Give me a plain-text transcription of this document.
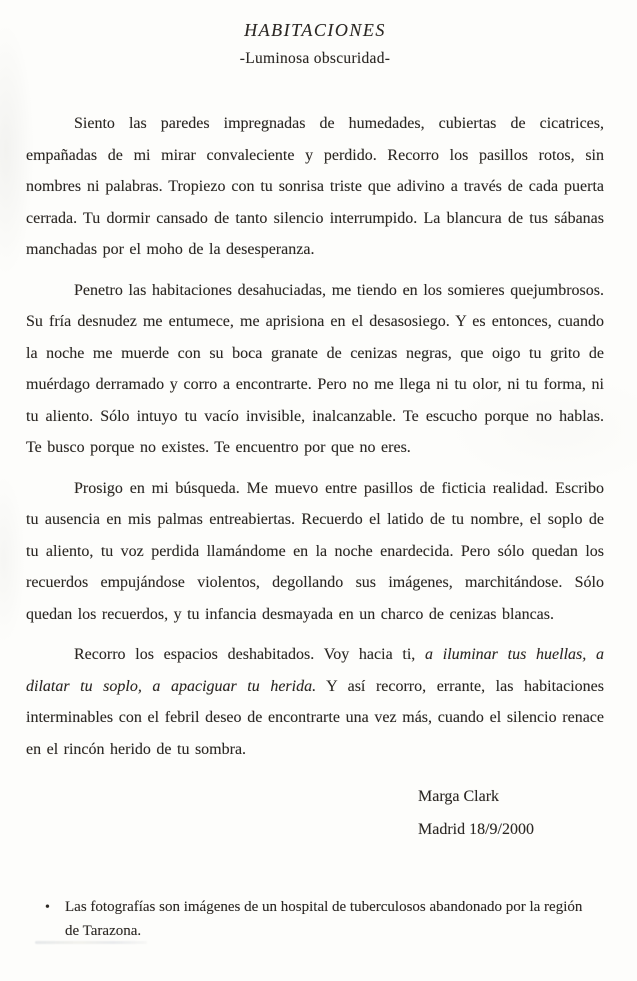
HABITACIONES
-Luminosa obscuridad-

Siento las paredes impregnadas de humedades, cubiertas de cicatrices, empañadas de mi mirar convaleciente y perdido. Recorro los pasillos rotos, sin nombres ni palabras. Tropiezo con tu sonrisa triste que adivino a través de cada puerta cerrada. Tu dormir cansado de tanto silencio interrumpido. La blancura de tus sábanas manchadas por el moho de la desesperanza.

Penetro las habitaciones desahuciadas, me tiendo en los somieres quejumbrosos. Su fría desnudez me entumece, me aprisiona en el desasosiego. Y es entonces, cuando la noche me muerde con su boca granate de cenizas negras, que oigo tu grito de muérdago derramado y corro a encontrarte. Pero no me llega ni tu olor, ni tu forma, ni tu aliento. Sólo intuyo tu vacío invisible, inalcanzable. Te escucho porque no hablas. Te busco porque no existes. Te encuentro por que no eres.

Prosigo en mi búsqueda. Me muevo entre pasillos de ficticia realidad. Escribo tu ausencia en mis palmas entreabiertas. Recuerdo el latido de tu nombre, el soplo de tu aliento, tu voz perdida llamándome en la noche enardecida. Pero sólo quedan los recuerdos empujándose violentos, degollando sus imágenes, marchitándose. Sólo quedan los recuerdos, y tu infancia desmayada en un charco de cenizas blancas.

Recorro los espacios deshabitados. Voy hacia ti, a iluminar tus huellas, a dilatar tu soplo, a apaciguar tu herida. Y así recorro, errante, las habitaciones interminables con el febril deseo de encontrarte una vez más, cuando el silencio renace en el rincón herido de tu sombra.

Marga Clark
Madrid 18/9/2000
•	Las fotografías son imágenes de un hospital de tuberculosos abandonado por la región de Tarazona.
